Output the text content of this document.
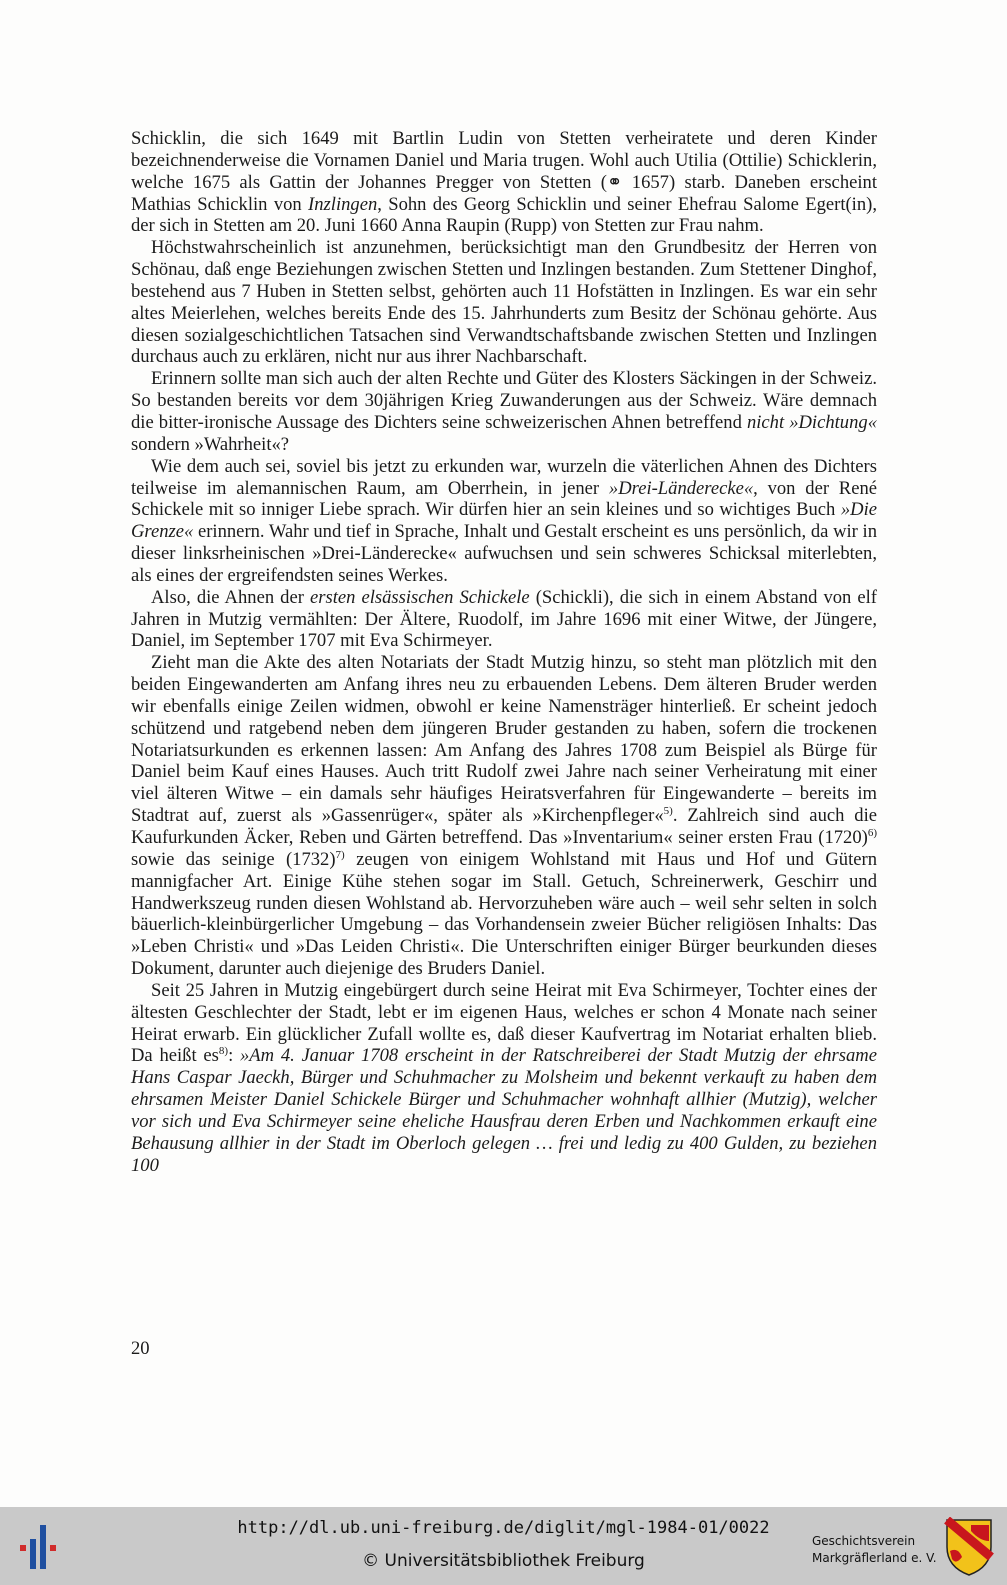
Schicklin, die sich 1649 mit Bartlin Ludin von Stetten verheiratete und deren Kinder bezeichnenderweise die Vornamen Daniel und Maria trugen. Wohl auch Utilia (Ottilie) Schicklerin, welche 1675 als Gattin der Johannes Pregger von Stetten (⚭ 1657) starb. Daneben erscheint Mathias Schicklin von Inzlingen, Sohn des Georg Schicklin und seiner Ehefrau Salome Egert(in), der sich in Stetten am 20. Juni 1660 Anna Raupin (Rupp) von Stetten zur Frau nahm.

Höchstwahrscheinlich ist anzunehmen, berücksichtigt man den Grundbesitz der Herren von Schönau, daß enge Beziehungen zwischen Stetten und Inzlingen bestanden. Zum Stettener Dinghof, bestehend aus 7 Huben in Stetten selbst, gehörten auch 11 Hofstätten in Inzlingen. Es war ein sehr altes Meierlehen, welches bereits Ende des 15. Jahrhunderts zum Besitz der Schönau gehörte. Aus diesen sozialgeschichtlichen Tatsachen sind Verwandtschaftsbande zwischen Stetten und Inzlingen durchaus auch zu erklären, nicht nur aus ihrer Nachbarschaft.

Erinnern sollte man sich auch der alten Rechte und Güter des Klosters Säckingen in der Schweiz. So bestanden bereits vor dem 30jährigen Krieg Zuwanderungen aus der Schweiz. Wäre demnach die bitter-ironische Aussage des Dichters seine schweizerischen Ahnen betreffend nicht »Dichtung« sondern »Wahrheit«?

Wie dem auch sei, soviel bis jetzt zu erkunden war, wurzeln die väterlichen Ahnen des Dichters teilweise im alemannischen Raum, am Oberrhein, in jener »Drei-Länderecke«, von der René Schickele mit so inniger Liebe sprach. Wir dürfen hier an sein kleines und so wichtiges Buch »Die Grenze« erinnern. Wahr und tief in Sprache, Inhalt und Gestalt erscheint es uns persönlich, da wir in dieser linksrheinischen »Drei-Länderecke« aufwuchsen und sein schweres Schicksal miterlebten, als eines der ergreifendsten seines Werkes.

Also, die Ahnen der ersten elsässischen Schickele (Schickli), die sich in einem Abstand von elf Jahren in Mutzig vermählten: Der Ältere, Ruodolf, im Jahre 1696 mit einer Witwe, der Jüngere, Daniel, im September 1707 mit Eva Schirmeyer.

Zieht man die Akte des alten Notariats der Stadt Mutzig hinzu, so steht man plötzlich mit den beiden Eingewanderten am Anfang ihres neu zu erbauenden Lebens. Dem älteren Bruder werden wir ebenfalls einige Zeilen widmen, obwohl er keine Namensträger hinterließ. Er scheint jedoch schützend und ratgebend neben dem jüngeren Bruder gestanden zu haben, sofern die trockenen Notariatsurkunden es erkennen lassen: Am Anfang des Jahres 1708 zum Beispiel als Bürge für Daniel beim Kauf eines Hauses. Auch tritt Rudolf zwei Jahre nach seiner Verheiratung mit einer viel älteren Witwe – ein damals sehr häufiges Heiratsverfahren für Eingewanderte – bereits im Stadtrat auf, zuerst als »Gassenrüger«, später als »Kirchenpfleger«$^{5)}$. Zahlreich sind auch die Kaufurkunden Äcker, Reben und Gärten betreffend. Das »Inventarium« seiner ersten Frau $(1720)^{6)}$ sowie das seinige $(1732)^{7)}$ zeugen von einigem Wohlstand mit Haus und Hof und Gütern mannigfacher Art. Einige Kühe stehen sogar im Stall. Getuch, Schreinerwerk, Geschirr und Handwerkszeug runden diesen Wohlstand ab. Hervorzuheben wäre auch – weil sehr selten in solch bäuerlich-kleinbürgerlicher Umgebung – das Vorhandensein zweier Bücher religiösen Inhalts: Das »Leben Christi« und »Das Leiden Christi«. Die Unterschriften einiger Bürger beurkunden dieses Dokument, darunter auch diejenige des Bruders Daniel.

Seit 25 Jahren in Mutzig eingebürgert durch seine Heirat mit Eva Schirmeyer, Tochter eines der ältesten Geschlechter der Stadt, lebt er im eigenen Haus, welches er schon 4 Monate nach seiner Heirat erwarb. Ein glücklicher Zufall wollte es, daß dieser Kaufvertrag im Notariat erhalten blieb. Da heißt $es^{8)}$: »Am 4. Januar 1708 erscheint in der Ratschreiberei der Stadt Mutzig der ehrsame Hans Caspar Jaeckh, Bürger und Schuhmacher zu Molsheim und bekennt verkauft zu haben dem ehrsamen Meister Daniel Schickele Bürger und Schuhmacher wohnhaft allhier (Mutzig), welcher vor sich und Eva Schirmeyer seine eheliche Hausfrau deren Erben und Nachkommen erkauft eine Behausung allhier in der Stadt im Oberloch gelegen … frei und ledig zu 400 Gulden, zu beziehen 100

20
http://dl.ub.uni-freiburg.de/diglit/mgl-1984-01/0022
© Universitätsbibliothek Freiburg
Geschichtsverein
Markgräflerland e. V.
